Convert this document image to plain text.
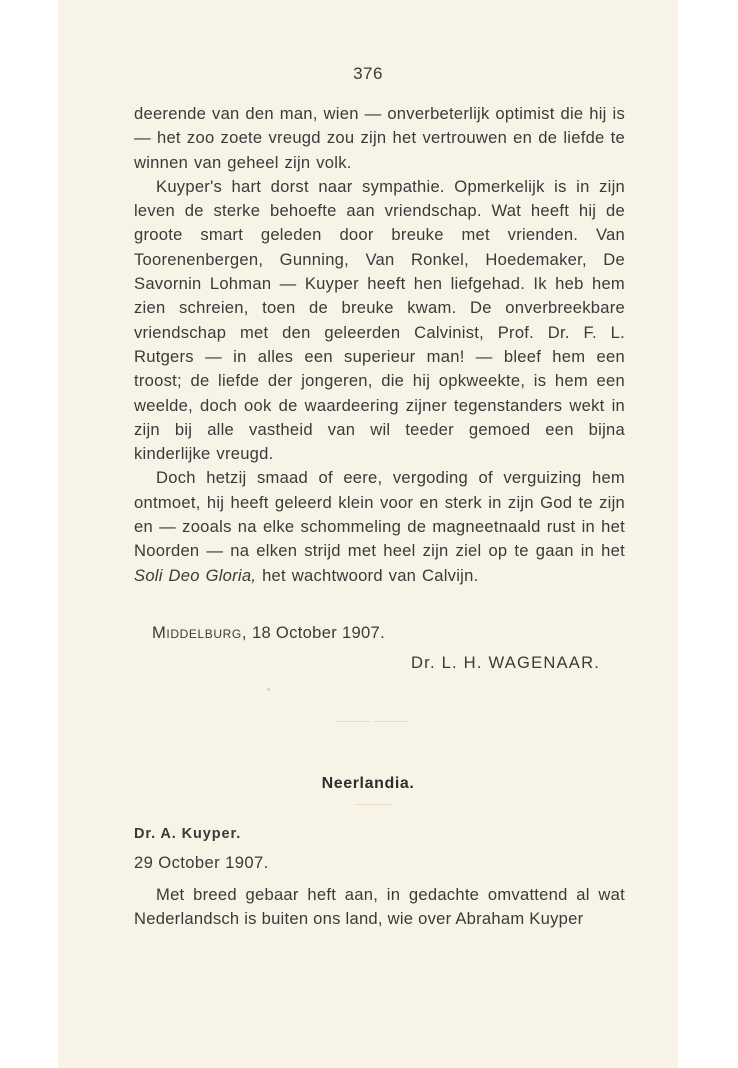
376

deerende van den man, wien — onverbeterlijk optimist die hij is — het zoo zoete vreugd zou zijn het vertrouwen en de liefde te winnen van geheel zijn volk.

Kuyper's hart dorst naar sympathie. Opmerkelijk is in zijn leven de sterke behoefte aan vriendschap. Wat heeft hij de groote smart geleden door breuke met vrienden. Van Toorenenbergen, Gunning, Van Ronkel, Hoedemaker, De Savornin Lohman — Kuyper heeft hen liefgehad. Ik heb hem zien schreien, toen de breuke kwam. De onverbreekbare vriendschap met den geleerden Calvinist, Prof. Dr. F. L. Rutgers — in alles een superieur man! — bleef hem een troost; de liefde der jongeren, die hij opkweekte, is hem een weelde, doch ook de waardeering zijner tegenstanders wekt in zijn bij alle vastheid van wil teeder gemoed een bijna kinderlijke vreugd.

Doch hetzij smaad of eere, vergoding of verguizing hem ontmoet, hij heeft geleerd klein voor en sterk in zijn God te zijn en — zooals na elke schommeling de magneetnaald rust in het Noorden — na elken strijd met heel zijn ziel op te gaan in het Soli Deo Gloria, het wachtwoord van Calvijn.

Middelburg, 18 October 1907.
Dr. L. H. WAGENAAR.
Neerlandia.
Dr. A. Kuyper.
29 October 1907.

Met breed gebaar heft aan, in gedachte omvattend al wat Nederlandsch is buiten ons land, wie over Abraham Kuyper
